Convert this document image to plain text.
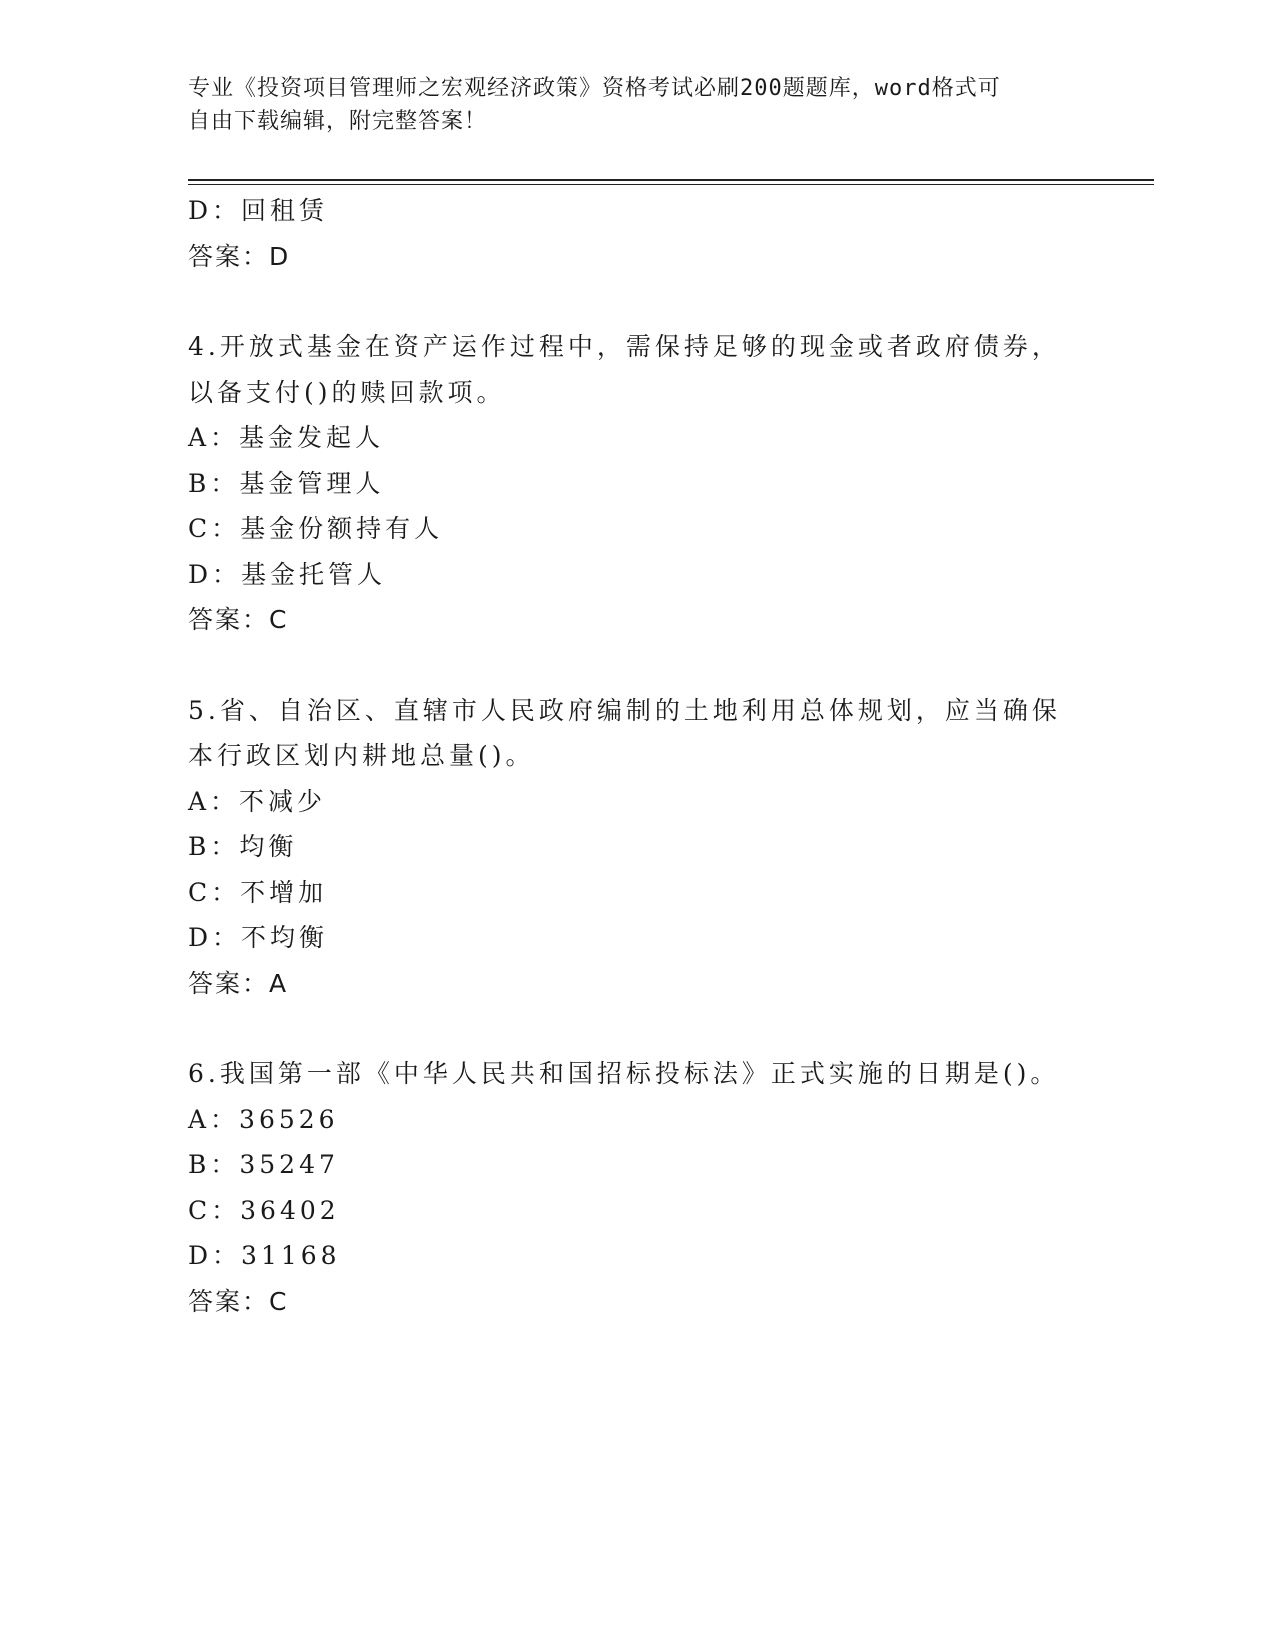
专业《投资项目管理师之宏观经济政策》资格考试必刷200题题库，word格式可
自由下载编辑，附完整答案！
D：回租赁
答案：D
4.开放式基金在资产运作过程中，需保持足够的现金或者政府债券，
以备支付()的赎回款项。
A：基金发起人
B：基金管理人
C：基金份额持有人
D：基金托管人
答案：C
5.省、自治区、直辖市人民政府编制的土地利用总体规划，应当确保
本行政区划内耕地总量()。
A：不减少
B：均衡
C：不增加
D：不均衡
答案：A
6.我国第一部《中华人民共和国招标投标法》正式实施的日期是()。
A：36526
B：35247
C：36402
D：31168
答案：C
